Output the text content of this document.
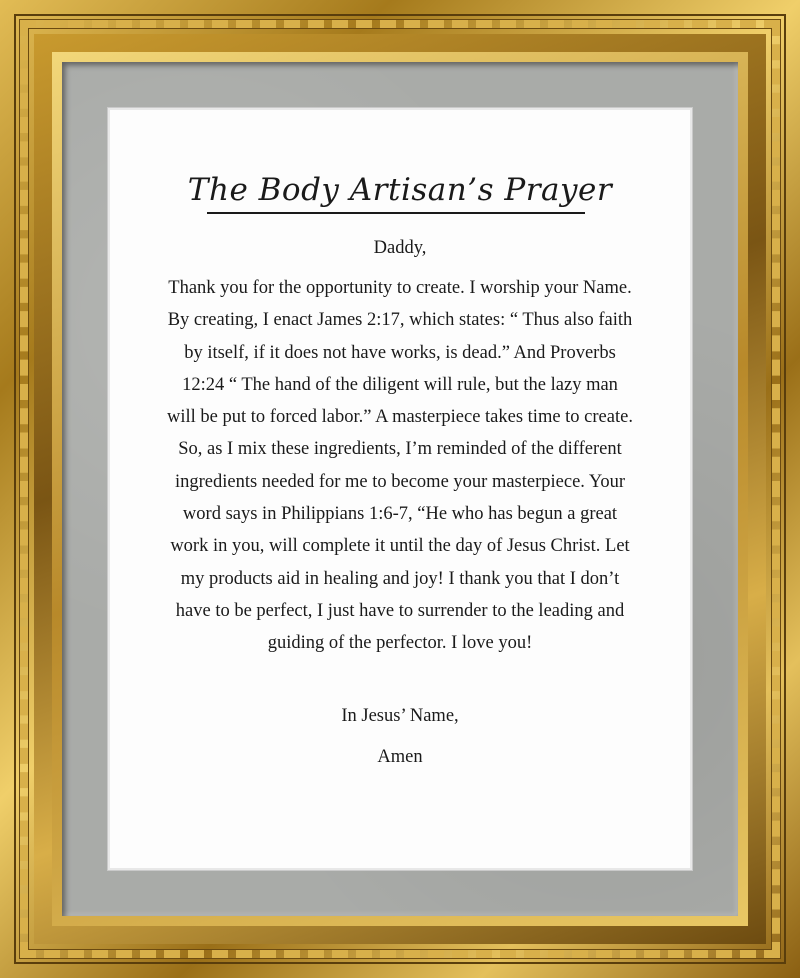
The Body Artisan’s Prayer
Daddy,
Thank you for the opportunity to create. I worship your Name. By creating, I enact James 2:17, which states: “ Thus also faith by itself, if it does not have works, is dead.” And Proverbs 12:24 “ The hand of the diligent will rule, but the lazy man will be put to forced labor.” A masterpiece takes time to create. So, as I mix these ingredients, I’m reminded of the different ingredients needed for me to become your masterpiece. Your word says in Philippians 1:6-7, “He who has begun a great work in you, will complete it until the day of Jesus Christ. Let my products aid in healing and joy! I thank you that I don’t have to be perfect, I just have to surrender to the leading and guiding of the perfector. I love you!
In Jesus’ Name,
Amen
